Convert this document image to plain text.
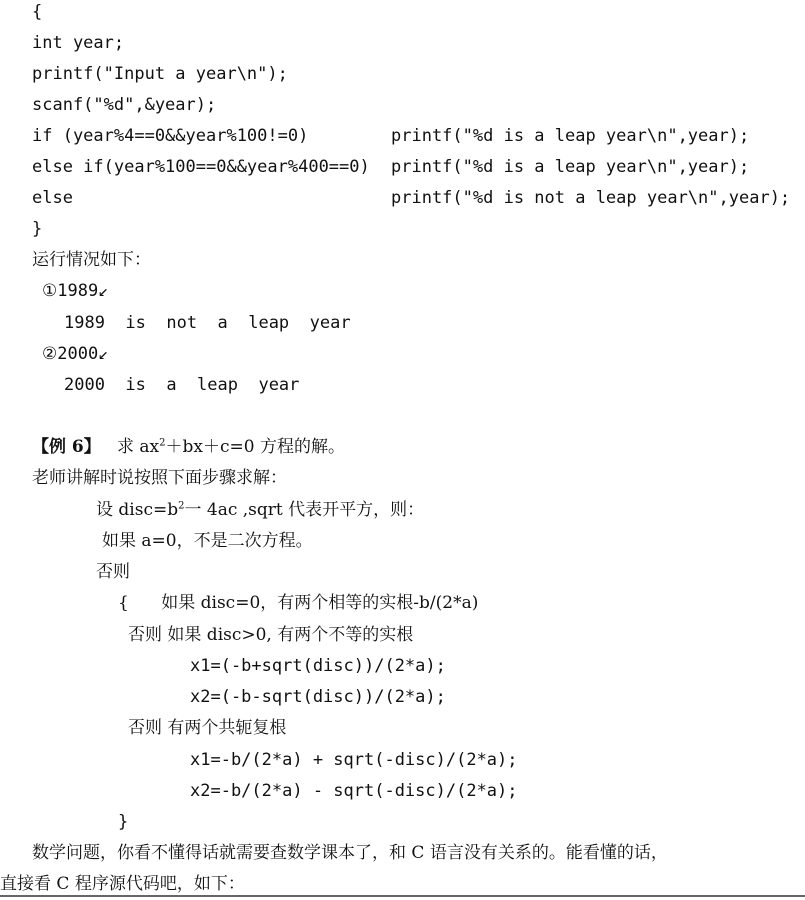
{
int year;
printf("Input a year\n");
scanf("%d",&year);
if (year%4==0&&year%100!=0)	printf("%d is a leap year\n",year);
else if(year%100==0&&year%400==0) printf("%d is a leap year\n",year);
else	printf("%d is not a leap year\n",year);
}
运行情况如下：
①1989↙
1989  is  not  a  leap  year
②2000↙
2000  is  a  leap  year
【例 6】 求 $ax^2+bx+c=0$ 方程的解。
老师讲解时说按照下面步骤求解：
设 $disc=b^2$一 4ac ,sqrt 代表开平方，则：
如果 a=0，不是二次方程。
否则
{      如果 disc=0，有两个相等的实根-b/(2*a)
否则 如果 disc>0, 有两个不等的实根
x1=(-b+sqrt(disc))/(2*a);
x2=(-b-sqrt(disc))/(2*a);
否则 有两个共轭复根
x1=-b/(2*a) + sqrt(-disc)/(2*a);
x2=-b/(2*a) - sqrt(-disc)/(2*a);
}
数学问题，你看不懂得话就需要查数学课本了，和 C 语言没有关系的。能看懂的话，
直接看 C 程序源代码吧，如下：
